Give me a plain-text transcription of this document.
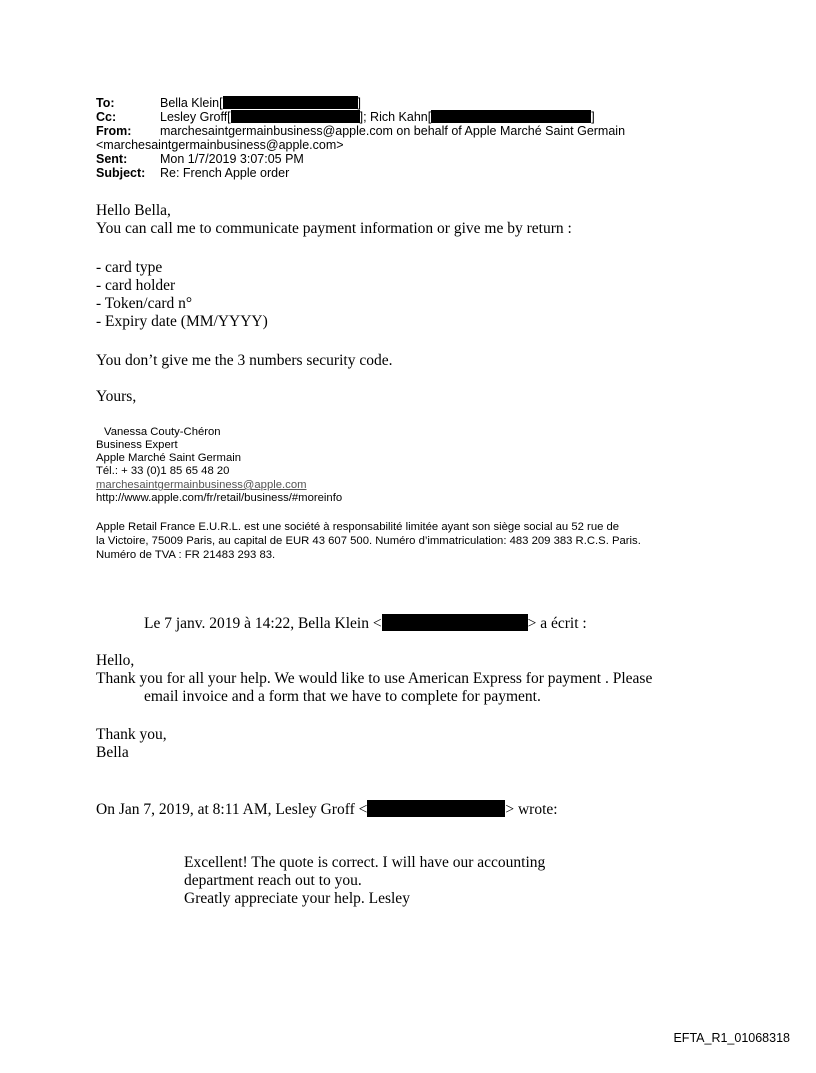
To:	Bella Klein[	]
Cc:	Lesley Groff[	]; Rich Kahn[	]
From: marchesaintgermainbusiness@apple.com on behalf of Apple Marché Saint Germain
<marchesaintgermainbusiness@apple.com>
Sent:	Mon 1/7/2019 3:07:05 PM
Subject: Re: French Apple order
Hello Bella,
You can call me to communicate payment information or give me by return :
- card type
- card holder
- Token/card n°
- Expiry date (MM/YYYY)
You don’t give me the 3 numbers security code.
Yours,
Vanessa Couty-Chéron
Business Expert
Apple Marché Saint Germain
Tél.: + 33 (0)1 85 65 48 20
marchesaintgermainbusiness@apple.com
http://www.apple.com/fr/retail/business/#moreinfo
Apple Retail France E.U.R.L. est une société à responsabilité limitée ayant son siège social au 52 rue de
la Victoire, 75009 Paris, au capital de EUR 43 607 500. Numéro d’immatriculation: 483 209 383 R.C.S. Paris.
Numéro de TVA : FR 21483 293 83.
Le 7 janv. 2019 à 14:22, Bella Klein <	> a écrit :
Hello,
Thank you for all your help. We would like to use American Express for payment . Please
email invoice and a form that we have to complete for payment.
Thank you,
Bella
On Jan 7, 2019, at 8:11 AM, Lesley Groff <	> wrote:
Excellent! The quote is correct. I will have our accounting
department reach out to you.
Greatly appreciate your help. Lesley
EFTA_R1_01068318
